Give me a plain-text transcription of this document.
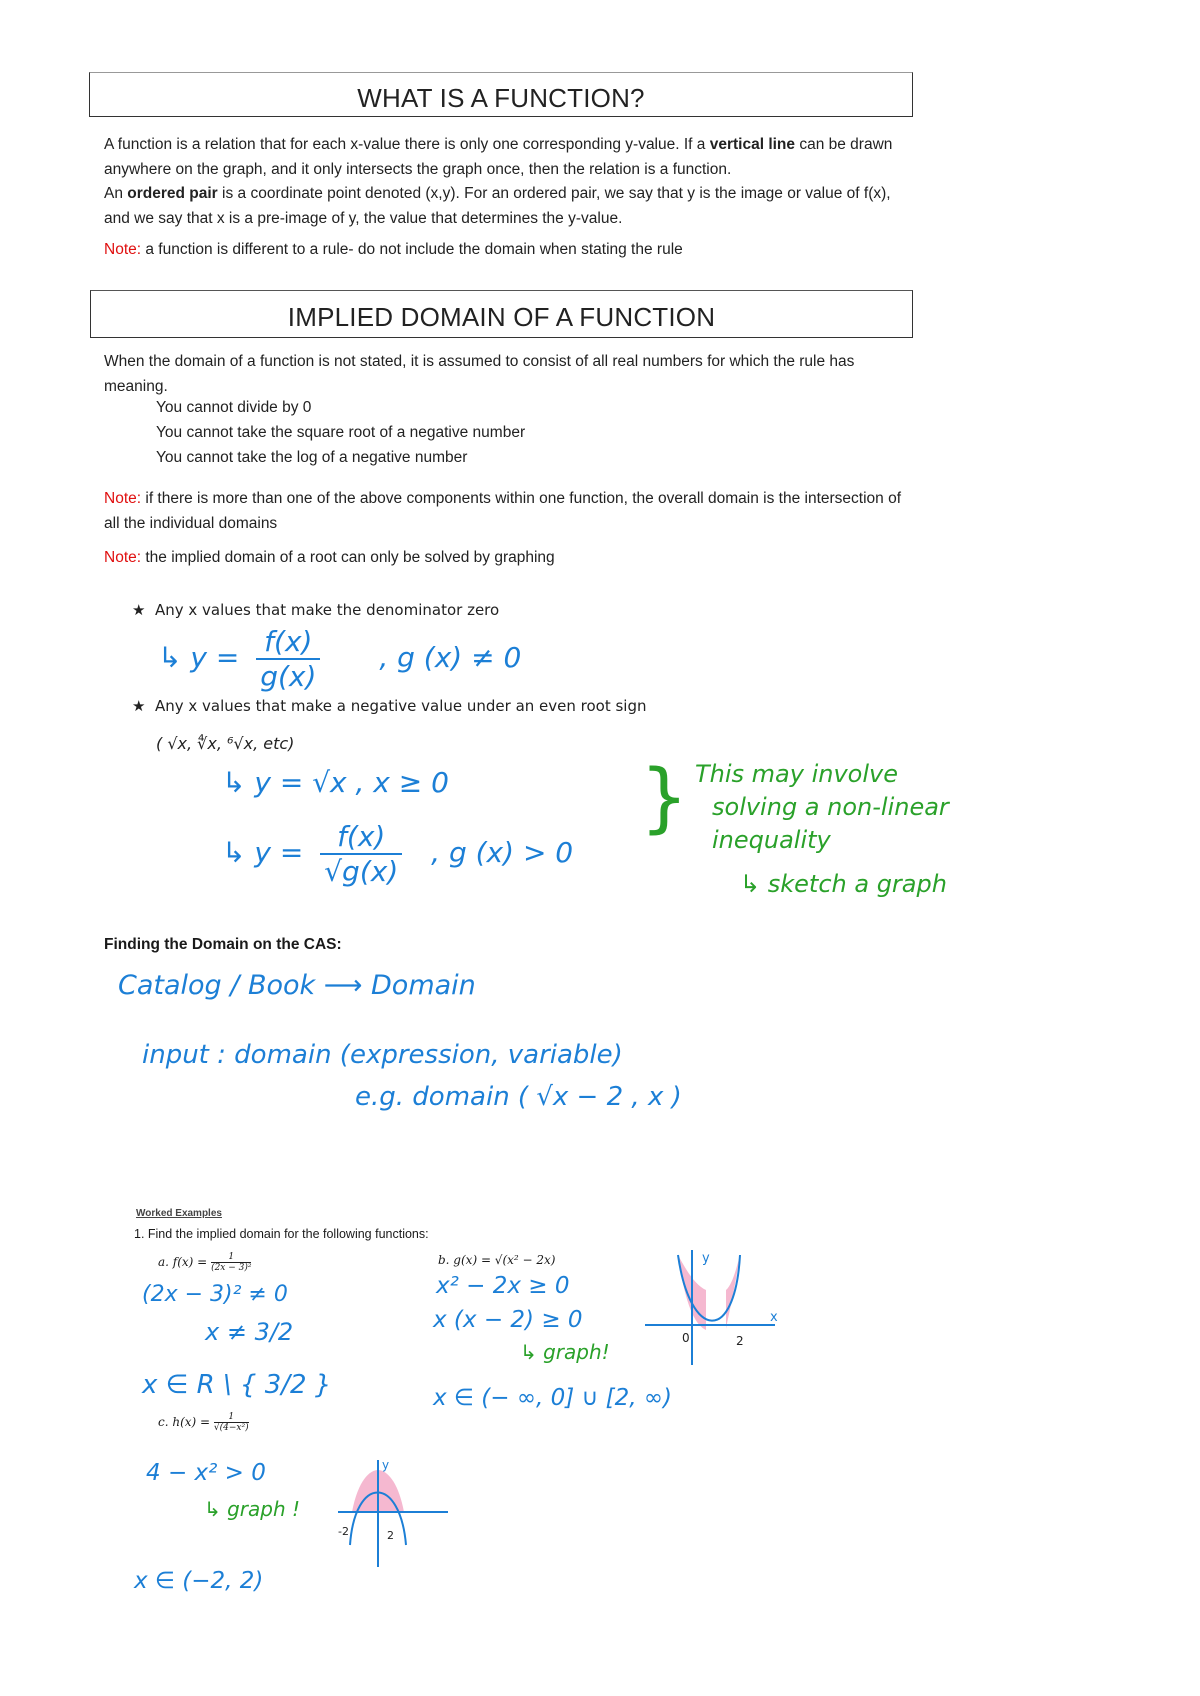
WHAT IS A FUNCTION?
A function is a relation that for each x-value there is only one corresponding y-value. If a vertical line can be drawn anywhere on the graph, and it only intersects the graph once, then the relation is a function.
An ordered pair is a coordinate point denoted (x,y). For an ordered pair, we say that y is the image or value of f(x), and we say that x is a pre-image of y, the value that determines the y-value.
Note: a function is different to a rule- do not include the domain when stating the rule
IMPLIED DOMAIN OF A FUNCTION
When the domain of a function is not stated, it is assumed to consist of all real numbers for which the rule has meaning.
You cannot divide by 0
You cannot take the square root of a negative number
You cannot take the log of a negative number
Note: if there is more than one of the above components within one function, the overall domain is the intersection of all the individual domains
Note: the implied domain of a root can only be solved by graphing
★ Any x values that make the denominator zero
↳ $y = \frac{f(x)}{g(x)}$ , g (x) ≠ 0
★ Any x values that make a negative value under an even root sign
( √x, ∜x, ⁶√x, etc)
↳ y = √x , x ≥ 0
↳ $y = \frac{f(x)}{√g(x)}$ , g (x) > 0
} This may involve
solving a non-linear
inequality
↳ sketch a graph
Finding the Domain on the CAS:
Catalog / Book ⟶ Domain
input : domain (expression, variable)
e.g. domain ( √x − 2 , x )
Worked Examples
1. Find the implied domain for the following functions:
a. $f(x) = \frac{1}{\text{(2x − 3)²}}$	b. g(x) = √(x² − 2x)
(2x − 3)² ≠ 0
x ≠ 3/2
x ∈ R \ { 3/2 }
x² − 2x ≥ 0
x (x − 2) ≥ 0
↳ graph!
x ∈ (− ∞, 0] ∪ [2, ∞)
y
x
0	2
c. $h(x) = \frac{1}{\text{√(4−x²)}}$
4 − x² > 0
↳ graph !
x ∈ (−2, 2)
y
-2	2
